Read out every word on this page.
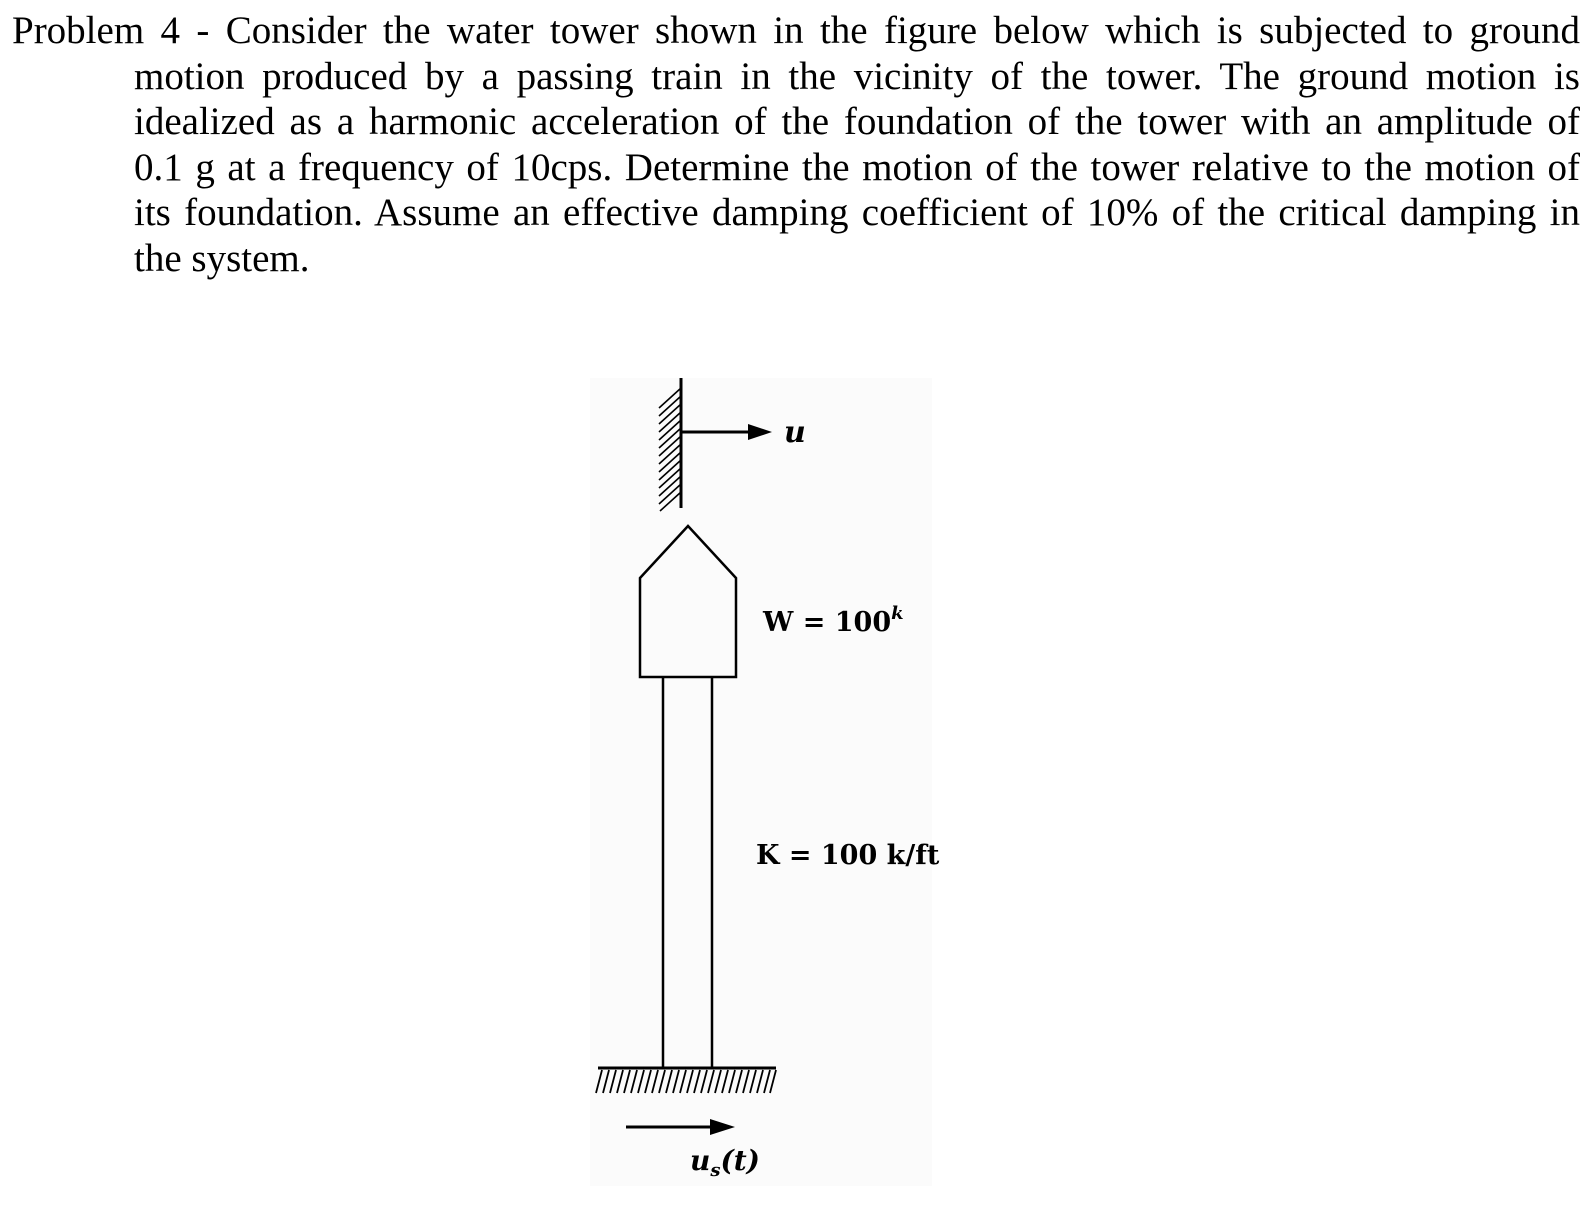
Problem 4 - Consider the water tower shown in the figure below which is subjected to ground
motion produced by a passing train in the vicinity of the tower. The ground motion is
idealized as a harmonic acceleration of the foundation of the tower with an amplitude of
0.1 g at a frequency of 10cps. Determine the motion of the tower relative to the motion of
its foundation. Assume an effective damping coefficient of 10% of the critical damping in
the system.
u
$W = 100^k$
K = 100 k/ft
$u_s(t)$
